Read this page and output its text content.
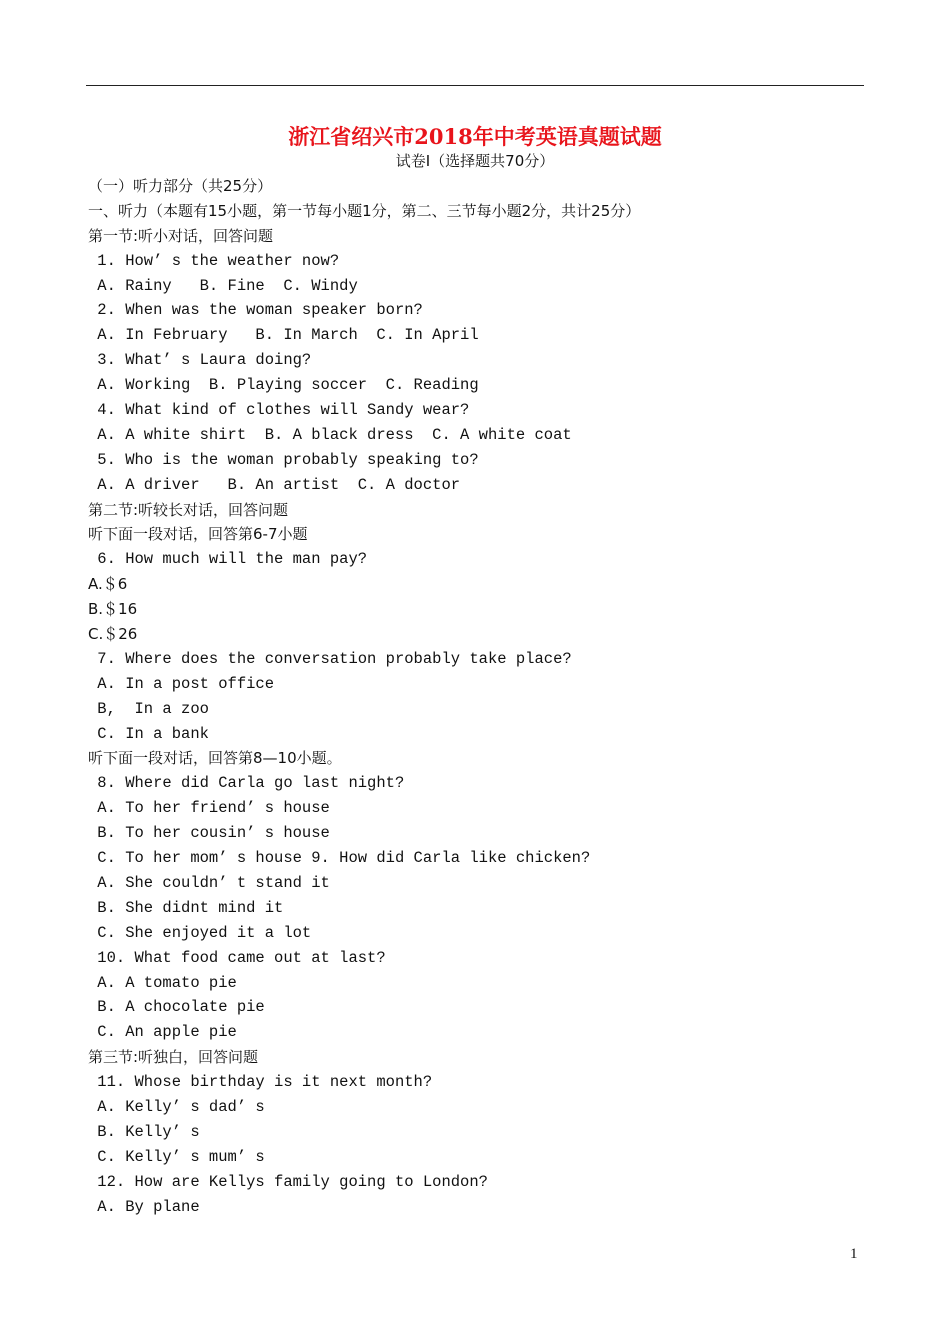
浙江省绍兴市2018年中考英语真题试题
试卷Ⅰ（选择题共70分）
（一）听力部分（共25分）
一、听力（本题有15小题，第一节每小题1分，第二、三节每小题2分，共计25分）
第一节:听小对话，回答问题
1. How’ s the weather now?
A. Rainy   B. Fine  C. Windy
2. When was the woman speaker born?
A. In February   B. In March  C. In April
3. What’ s Laura doing?
A. Working  B. Playing soccer  C. Reading
4. What kind of clothes will Sandy wear?
A. A white shirt  B. A black dress  C. A white coat
5. Who is the woman probably speaking to?
A. A driver   B. An artist  C. A doctor
第二节:听较长对话，回答问题
听下面一段对话，回答第6-7小题
6. How much will the man pay?
A.＄6
B.＄16
C.＄26
7. Where does the conversation probably take place?
A. In a post office
B,  In a zoo
C. In a bank
听下面一段对话，回答第8—10小题。
8. Where did Carla go last night?
A. To her friend’ s house
B. To her cousin’ s house
C. To her mom’ s house 9. How did Carla like chicken?
A. She couldn’ t stand it
B. She didnt mind it
C. She enjoyed it a lot
10. What food came out at last?
A. A tomato pie
B. A chocolate pie
C. An apple pie
第三节:听独白，回答问题
11. Whose birthday is it next month?
A. Kelly’ s dad’ s
B. Kelly’ s
C. Kelly’ s mum’ s
12. How are Kellys family going to London?
A. By plane
1
